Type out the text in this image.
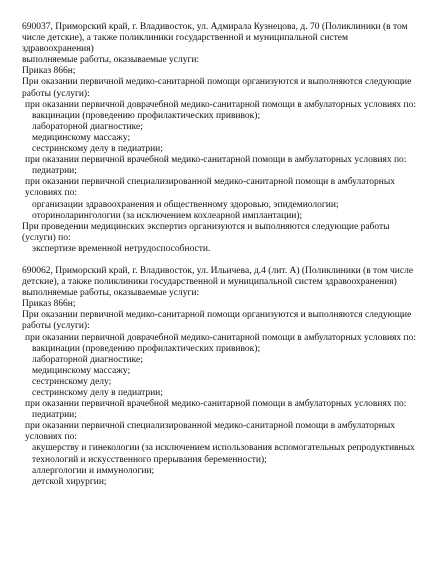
690037, Приморский край, г. Владивосток, ул. Адмирала Кузнецова, д. 70 (Поликлиники (в том числе детские), а также поликлиники государственной и муниципальной систем здравоохранения)

выполняемые работы, оказываемые услуги:

Приказ 866н;

При оказании первичной медико-санитарной помощи организуются и выполняются следующие работы (услуги):

при оказании первичной доврачебной медико-санитарной помощи в амбулаторных условиях по:

вакцинации (проведению профилактических прививок);

лабораторной диагностике;

медицинскому массажу;

сестринскому делу в педиатрии;

при оказании первичной врачебной медико-санитарной помощи в амбулаторных условиях по:

педиатрии;

при оказании первичной специализированной медико-санитарной помощи в амбулаторных условиях по:

организации здравоохранения и общественному здоровью, эпидемиологии;

оториноларингологии (за исключением кохлеарной имплантации);

При проведении медицинских экспертиз организуются и выполняются следующие работы (услуги) по:

экспертизе временной нетрудоспособности.

690062, Приморский край, г. Владивосток, ул. Ильичева, д.4 (лит. А) (Поликлиники (в том числе детские), а также поликлиники государственной и муниципальной систем здравоохранения)

выполняемые работы, оказываемые услуги:

Приказ 866н;

При оказании первичной медико-санитарной помощи организуются и выполняются следующие работы (услуги):

при оказании первичной доврачебной медико-санитарной помощи в амбулаторных условиях по:

вакцинации (проведению профилактических прививок);

лабораторной диагностике;

медицинскому массажу;

сестринскому делу;

сестринскому делу в педиатрии;

при оказании первичной врачебной медико-санитарной помощи в амбулаторных условиях по:

педиатрии;

при оказании первичной специализированной медико-санитарной помощи в амбулаторных условиях по:

акушерству и гинекологии (за исключением использования вспомогательных репродуктивных технологий и искусственного прерывания беременности);

аллергологии и иммунологии;

детской хирургии;
